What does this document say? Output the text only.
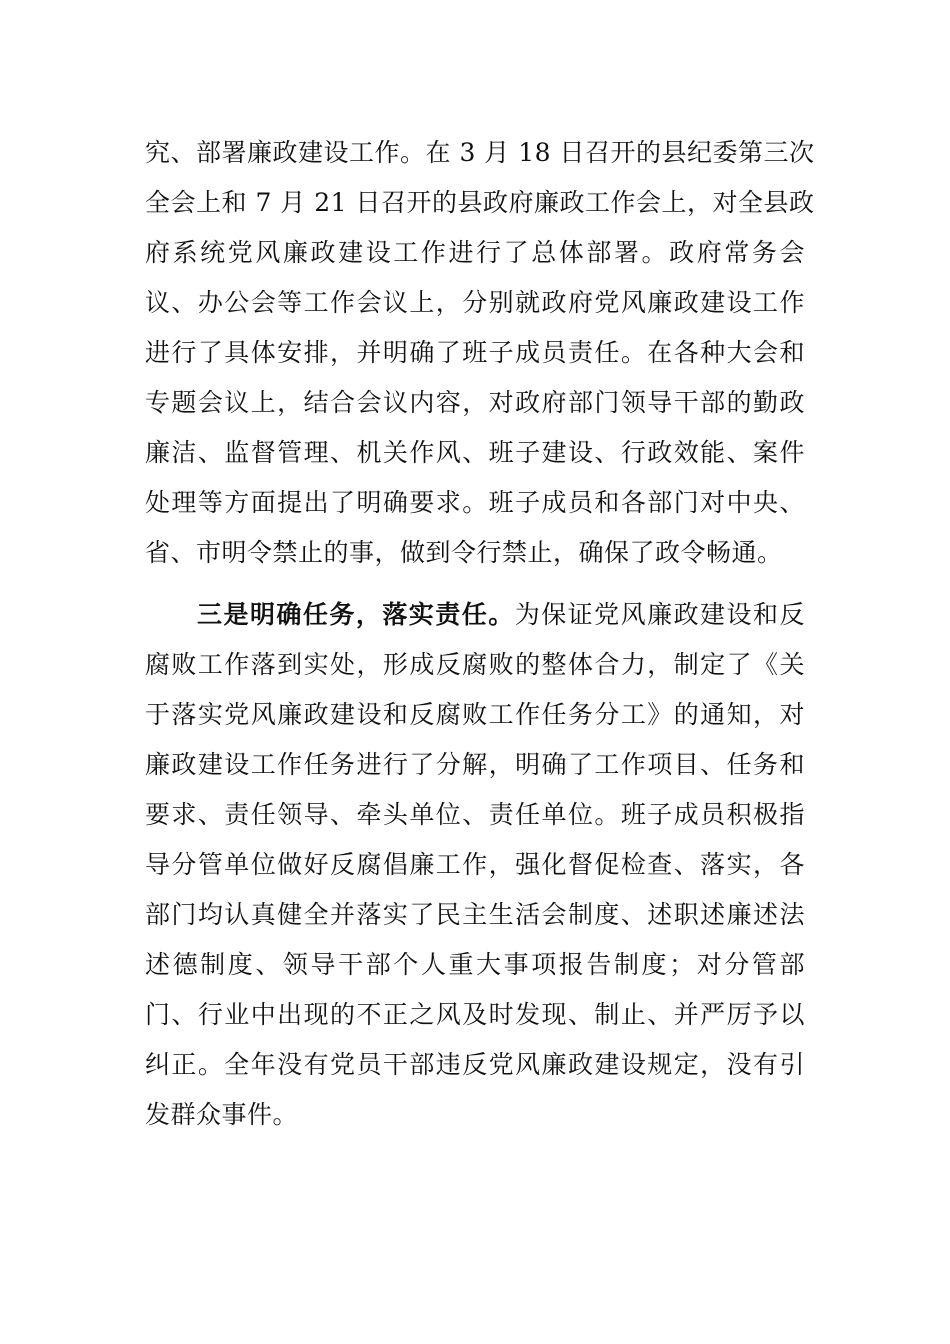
究、部署廉政建设工作。在 3 月 18 日召开的县纪委第三次
全会上和 7 月 21 日召开的县政府廉政工作会上，对全县政
府系统党风廉政建设工作进行了总体部署。政府常务会
议、办公会等工作会议上，分别就政府党风廉政建设工作
进行了具体安排，并明确了班子成员责任。在各种大会和
专题会议上，结合会议内容，对政府部门领导干部的勤政
廉洁、监督管理、机关作风、班子建设、行政效能、案件
处理等方面提出了明确要求。班子成员和各部门对中央、
省、市明令禁止的事，做到令行禁止，确保了政令畅通。
三是明确任务，落实责任。为保证党风廉政建设和反
腐败工作落到实处，形成反腐败的整体合力，制定了《关
于落实党风廉政建设和反腐败工作任务分工》的通知，对
廉政建设工作任务进行了分解，明确了工作项目、任务和
要求、责任领导、牵头单位、责任单位。班子成员积极指
导分管单位做好反腐倡廉工作，强化督促检查、落实，各
部门均认真健全并落实了民主生活会制度、述职述廉述法
述德制度、领导干部个人重大事项报告制度；对分管部
门、行业中出现的不正之风及时发现、制止、并严厉予以
纠正。全年没有党员干部违反党风廉政建设规定，没有引
发群众事件。
